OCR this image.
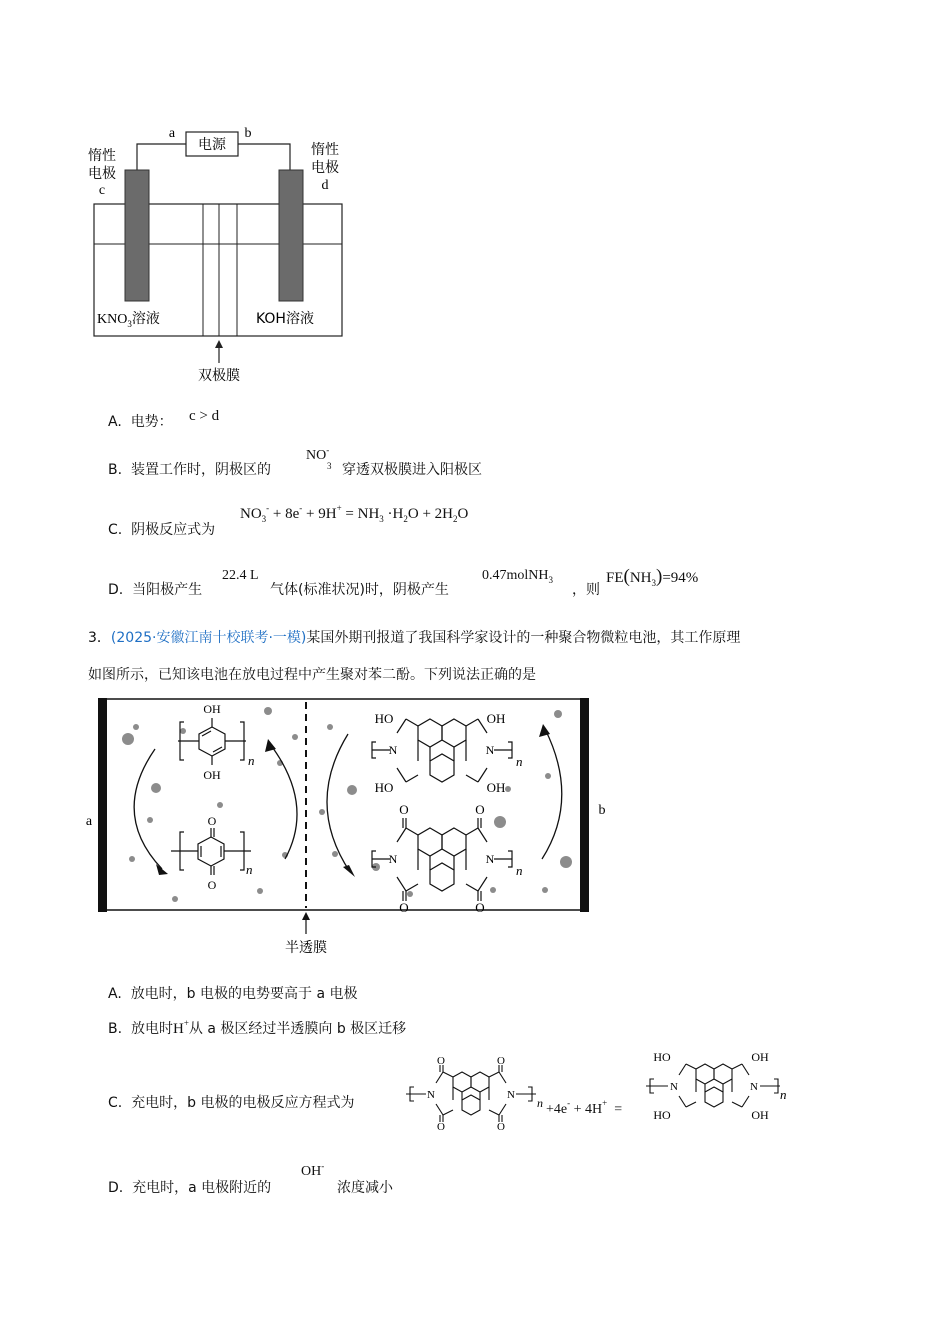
电源
a	b
惰性
电极
c
惰性
电极
d
$KNO_3$溶液	KOH溶液
双极膜
A. 电势： c > d
B. 装置工作时，阴极区的
NO-
3 穿透双极膜进入阳极区
C. 阴极反应式为
$NO_3^- + 8e^- + 9H^+ = NH_3 \cdot H_2O + 2H_2O$
D. 当阳极产生
22.4 L
气体(标准状况)时，阴极产生
0.47molNH$_3$
，则
$FE(NH_3)=94\%$
3．(2025·安徽江南十校联考·一模)某国外期刊报道了我国科学家设计的一种聚合物微粒电池，其工作原理
如图所示，已知该电池在放电过程中产生聚对苯二酚。下列说法正确的是
a
b
半透膜
OH
OH
n
O
O
n
N	N
HO	OH
HO	OH
n
N	N
O	O
O	O
n
A. 放电时，b 电极的电势要高于 a 电极
B. 放电时H+从 a 极区经过半透膜向 b 极区迁移
C. 充电时，b 电极的电极反应方程式为	N	N
O	O
O	O
n +4e- + 4H+ =
N	N
HO	OH
HO	OH
n
D. 充电时，a 电极附近的
OH-
浓度减小
